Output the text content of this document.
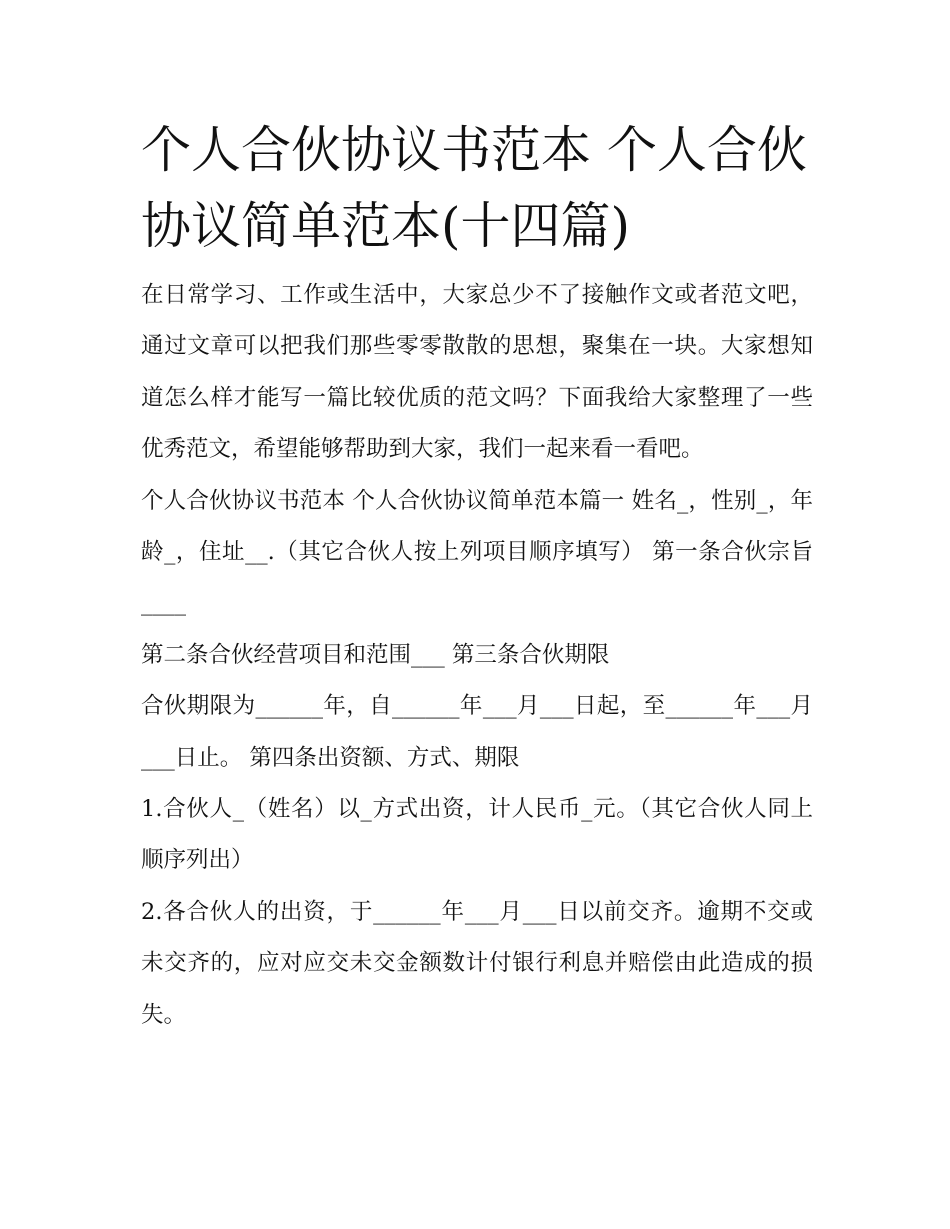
个人合伙协议书范本 个人合伙协议简单范本(十四篇)

在日常学习、工作或生活中，大家总少不了接触作文或者范文吧，通过文章可以把我们那些零零散散的思想，聚集在一块。大家想知道怎么样才能写一篇比较优质的范文吗？下面我给大家整理了一些优秀范文，希望能够帮助到大家，我们一起来看一看吧。

个人合伙协议书范本 个人合伙协议简单范本篇一 姓名_，性别_，年龄_，住址__.（其它合伙人按上列项目顺序填写） 第一条合伙宗旨____

第二条合伙经营项目和范围___ 第三条合伙期限

合伙期限为______年，自______年___月___日起，至______年___月___日止。 第四条出资额、方式、期限

1.合伙人_（姓名）以_方式出资，计人民币_元。（其它合伙人同上顺序列出）

2.各合伙人的出资，于______年___月___日以前交齐。逾期不交或未交齐的，应对应交未交金额数计付银行利息并赔偿由此造成的损失。
